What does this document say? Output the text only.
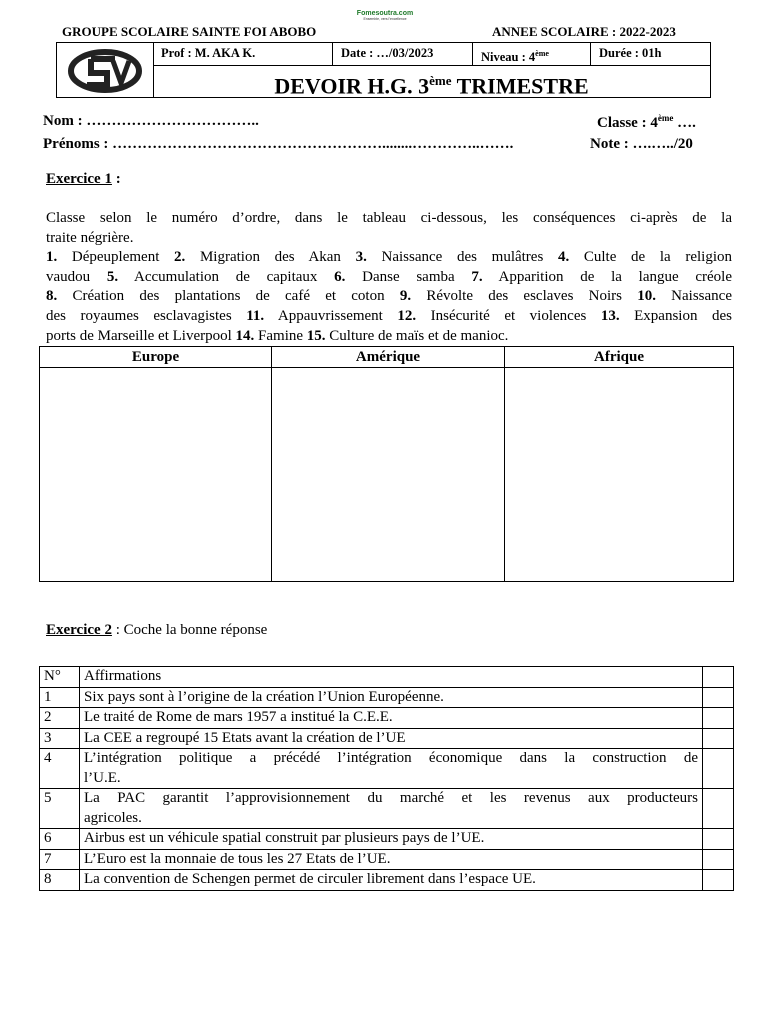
GROUPE SCOLAIRE SAINTE FOI ABOBO
Fomesoutra.com
Ensemble, vers l'excellence
ANNEE SCOLAIRE : 2022-2023
Prof : M. AKA K.	Date : …/03/2023	Niveau : 4ème	Durée : 01h
DEVOIR H.G. 3ème TRIMESTRE
Nom : ……………………………..	Classe : 4ème ….
Prénoms : ………………………………………………........…………..…….	Note : ….…../20
Exercice 1 :
Classe selon le numéro d’ordre, dans le tableau ci-dessous, les conséquences ci-après de la
traite négrière.
1. Dépeuplement 2. Migration des Akan 3. Naissance des mulâtres 4. Culte de la religion
vaudou 5. Accumulation de capitaux 6. Danse samba 7. Apparition de la langue créole
8. Création des plantations de café et coton 9. Révolte des esclaves Noirs 10. Naissance
des royaumes esclavagistes 11. Appauvrissement 12. Insécurité et violences 13. Expansion des
ports de Marseille et Liverpool 14. Famine 15. Culture de maïs et de manioc.
Europe	Amérique	Afrique

Exercice 2 : Coche la bonne réponse
N°	Affirmations	
1	Six pays sont à l’origine de la création l’Union Européenne.	
2	Le traité de Rome de mars 1957 a institué la C.E.E.	
3	La CEE a regroupé 15 Etats avant la création de l’UE	
4	L’intégration politique a précédé l’intégration économique dans la construction de
l’U.E.	
5	La PAC garantit l’approvisionnement du marché et les revenus aux producteurs
agricoles.	
6	Airbus est un véhicule spatial construit par plusieurs pays de l’UE.	
7	L’Euro est la monnaie de tous les 27 Etats de l’UE.	
8	La convention de Schengen permet de circuler librement dans l’espace UE.	
